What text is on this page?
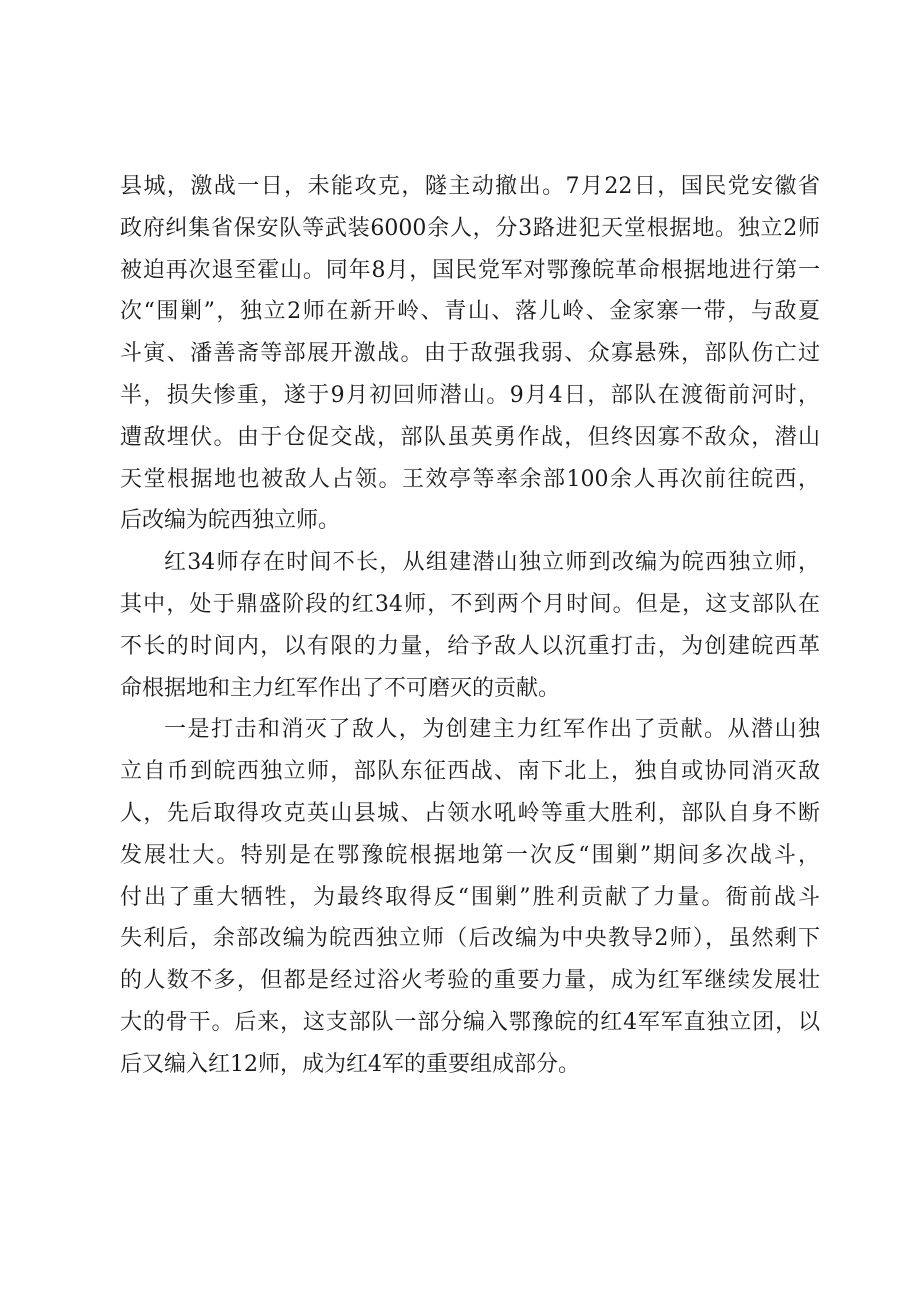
县城，激战一日，未能攻克，隧主动撤出。7月22日，国民党安徽省
政府纠集省保安队等武装6000余人，分3路进犯天堂根据地。独立2师
被迫再次退至霍山。同年8月，国民党军对鄂豫皖革命根据地进行第一
次“围剿”，独立2师在新开岭、青山、落儿岭、金家寨一带，与敌夏
斗寅、潘善斋等部展开激战。由于敌强我弱、众寡悬殊，部队伤亡过
半，损失惨重，遂于9月初回师潜山。9月4日，部队在渡衙前河时，
遭敌埋伏。由于仓促交战，部队虽英勇作战，但终因寡不敌众，潜山
天堂根据地也被敌人占领。王效亭等率余部100余人再次前往皖西，
后改编为皖西独立师。
红34师存在时间不长，从组建潜山独立师到改编为皖西独立师，
其中，处于鼎盛阶段的红34师，不到两个月时间。但是，这支部队在
不长的时间内，以有限的力量，给予敌人以沉重打击，为创建皖西革
命根据地和主力红军作出了不可磨灭的贡献。
一是打击和消灭了敌人，为创建主力红军作出了贡献。从潜山独
立自币到皖西独立师，部队东征西战、南下北上，独自或协同消灭敌
人，先后取得攻克英山县城、占领水吼岭等重大胜利，部队自身不断
发展壮大。特别是在鄂豫皖根据地第一次反“围剿”期间多次战斗，
付出了重大牺牲，为最终取得反“围剿”胜利贡献了力量。衙前战斗
失利后，余部改编为皖西独立师（后改编为中央教导2师），虽然剩下
的人数不多，但都是经过浴火考验的重要力量，成为红军继续发展壮
大的骨干。后来，这支部队一部分编入鄂豫皖的红4军军直独立团，以
后又编入红12师，成为红4军的重要组成部分。
